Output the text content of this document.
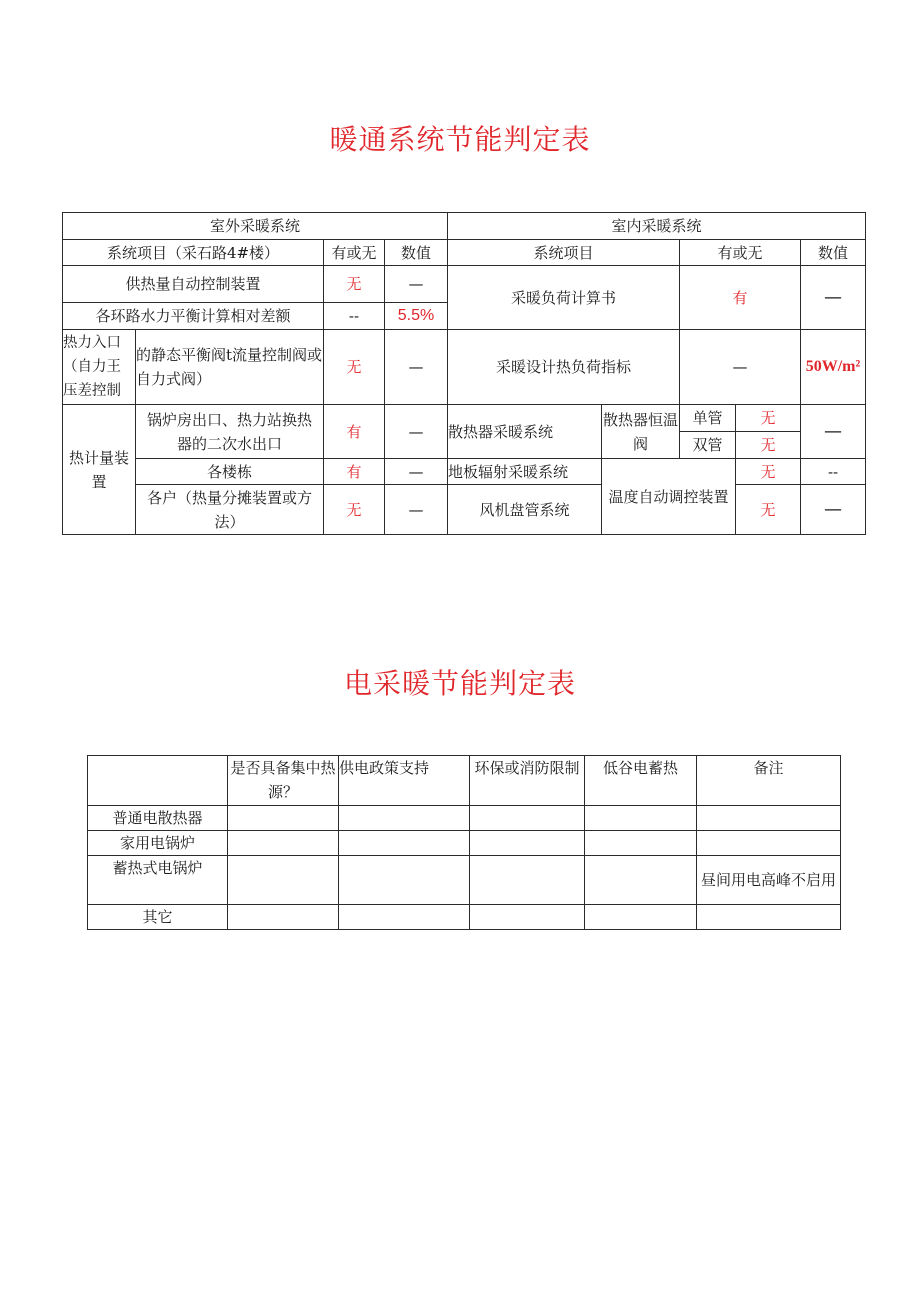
暖通系统节能判定表
室外采暖系统				室内采暖系统				
系统项目（采石路4#楼）		有或无	数值	系统项目		有或无		数值
供热量自动控制装置		无	—	采暖负荷计算书		有		—
各环路水力平衡计算相对差额		--	5.5%					
热力入口（自力王压差控制	的静态平衡阀t流量控制阀或自力式阀）	无	—	采暖设计热负荷指标		—		50W/m²
热计量装置	锅炉房出口、热力站换热器的二次水出口	有	—	散热器采暖系统	散热器恒温阀	单管	无	—
						双管	无	
	各楼栋	有	—	地板辐射采暖系统	温度自动调控装置		无	--
	各户（热量分摊装置或方法）	无	—	风机盘管系统			无	—
电采暖节能判定表
	是否具备集中热源？	供电政策支持	环保或消防限制	低谷电蓄热	备注
普通电散热器					
家用电锅炉					
蓄热式电锅炉					昼间用电高峰不启用
其它					
